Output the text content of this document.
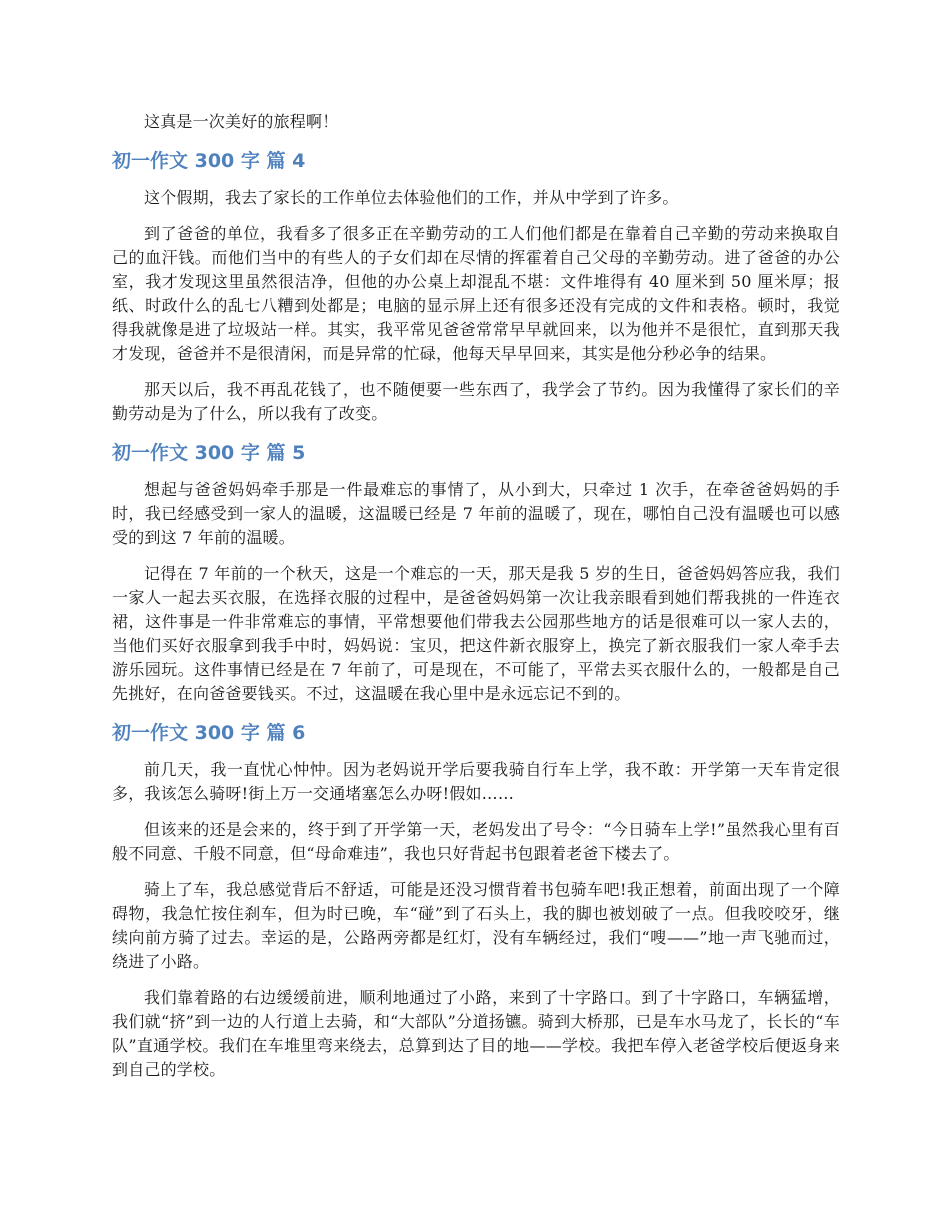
这真是一次美好的旅程啊！

初一作文 300 字 篇 4

这个假期，我去了家长的工作单位去体验他们的工作，并从中学到了许多。

到了爸爸的单位，我看多了很多正在辛勤劳动的工人们他们都是在靠着自己辛勤的劳动来换取自己的血汗钱。而他们当中的有些人的子女们却在尽情的挥霍着自己父母的辛勤劳动。进了爸爸的办公室，我才发现这里虽然很洁净，但他的办公桌上却混乱不堪：文件堆得有 40 厘米到 50 厘米厚；报纸、时政什么的乱七八糟到处都是；电脑的显示屏上还有很多还没有完成的文件和表格。顿时，我觉得我就像是进了垃圾站一样。其实，我平常见爸爸常常早早就回来，以为他并不是很忙，直到那天我才发现，爸爸并不是很清闲，而是异常的忙碌，他每天早早回来，其实是他分秒必争的结果。

那天以后，我不再乱花钱了，也不随便要一些东西了，我学会了节约。因为我懂得了家长们的辛勤劳动是为了什么，所以我有了改变。

初一作文 300 字 篇 5

想起与爸爸妈妈牵手那是一件最难忘的事情了，从小到大，只牵过 1 次手，在牵爸爸妈妈的手时，我已经感受到一家人的温暖，这温暖已经是 7 年前的温暖了，现在，哪怕自己没有温暖也可以感受的到这 7 年前的温暖。

记得在 7 年前的一个秋天，这是一个难忘的一天，那天是我 5 岁的生日，爸爸妈妈答应我，我们一家人一起去买衣服，在选择衣服的过程中，是爸爸妈妈第一次让我亲眼看到她们帮我挑的一件连衣裙，这件事是一件非常难忘的事情，平常想要他们带我去公园那些地方的话是很难可以一家人去的，当他们买好衣服拿到我手中时，妈妈说：宝贝，把这件新衣服穿上，换完了新衣服我们一家人牵手去游乐园玩。这件事情已经是在 7 年前了，可是现在，不可能了，平常去买衣服什么的，一般都是自己先挑好，在向爸爸要钱买。不过，这温暖在我心里中是永远忘记不到的。

初一作文 300 字 篇 6

前几天，我一直忧心忡忡。因为老妈说开学后要我骑自行车上学，我不敢：开学第一天车肯定很多，我该怎么骑呀!街上万一交通堵塞怎么办呀!假如……

但该来的还是会来的，终于到了开学第一天，老妈发出了号令：“今日骑车上学!”虽然我心里有百般不同意、千般不同意，但“母命难违”，我也只好背起书包跟着老爸下楼去了。

骑上了车，我总感觉背后不舒适，可能是还没习惯背着书包骑车吧!我正想着，前面出现了一个障碍物，我急忙按住刹车，但为时已晚，车“碰”到了石头上，我的脚也被划破了一点。但我咬咬牙，继续向前方骑了过去。幸运的是，公路两旁都是红灯，没有车辆经过，我们“嗖——”地一声飞驰而过，绕进了小路。

我们靠着路的右边缓缓前进，顺利地通过了小路，来到了十字路口。到了十字路口，车辆猛增，我们就“挤”到一边的人行道上去骑，和“大部队”分道扬镳。骑到大桥那，已是车水马龙了，长长的“车队”直通学校。我们在车堆里弯来绕去，总算到达了目的地——学校。我把车停入老爸学校后便返身来到自己的学校。
